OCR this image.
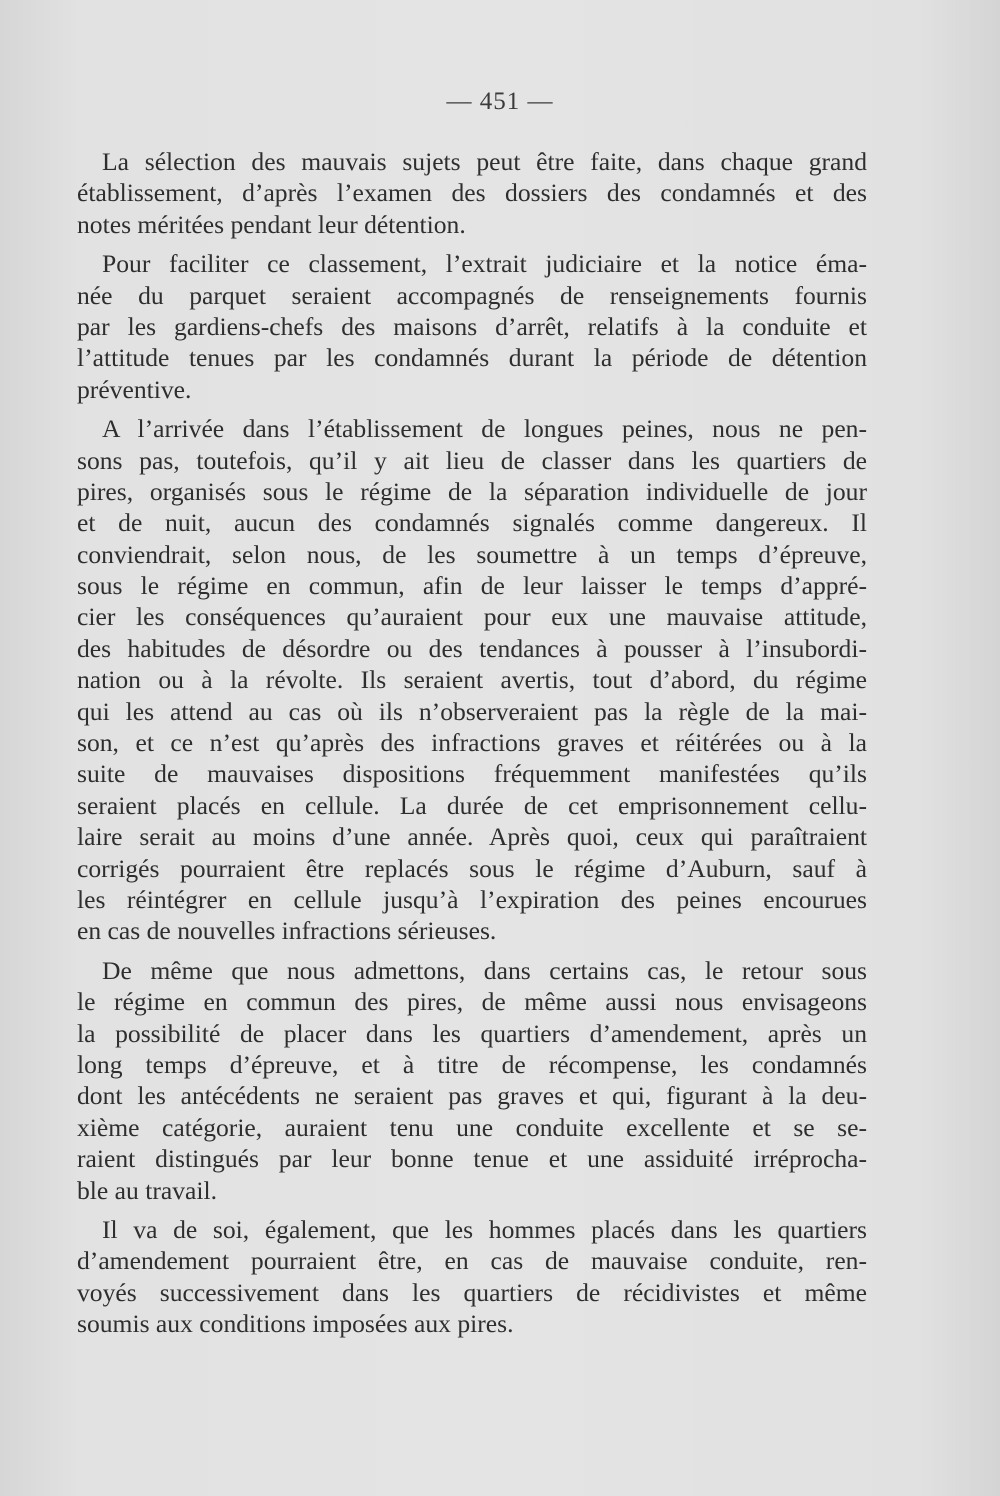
— 451 —
La sélection des mauvais sujets peut être faite, dans chaque grand
établissement, d’après l’examen des dossiers des condamnés et des
notes méritées pendant leur détention.
Pour faciliter ce classement, l’extrait judiciaire et la notice éma-
née du parquet seraient accompagnés de renseignements fournis
par les gardiens-chefs des maisons d’arrêt, relatifs à la conduite et
l’attitude tenues par les condamnés durant la période de détention
préventive.
A l’arrivée dans l’établissement de longues peines, nous ne pen-
sons pas, toutefois, qu’il y ait lieu de classer dans les quartiers de
pires, organisés sous le régime de la séparation individuelle de jour
et de nuit, aucun des condamnés signalés comme dangereux. Il
conviendrait, selon nous, de les soumettre à un temps d’épreuve,
sous le régime en commun, afin de leur laisser le temps d’appré-
cier les conséquences qu’auraient pour eux une mauvaise attitude,
des habitudes de désordre ou des tendances à pousser à l’insubordi-
nation ou à la révolte. Ils seraient avertis, tout d’abord, du régime
qui les attend au cas où ils n’observeraient pas la règle de la mai-
son, et ce n’est qu’après des infractions graves et réitérées ou à la
suite de mauvaises dispositions fréquemment manifestées qu’ils
seraient placés en cellule. La durée de cet emprisonnement cellu-
laire serait au moins d’une année. Après quoi, ceux qui paraîtraient
corrigés pourraient être replacés sous le régime d’Auburn, sauf à
les réintégrer en cellule jusqu’à l’expiration des peines encourues
en cas de nouvelles infractions sérieuses.
De même que nous admettons, dans certains cas, le retour sous
le régime en commun des pires, de même aussi nous envisageons
la possibilité de placer dans les quartiers d’amendement, après un
long temps d’épreuve, et à titre de récompense, les condamnés
dont les antécédents ne seraient pas graves et qui, figurant à la deu-
xième catégorie, auraient tenu une conduite excellente et se se-
raient distingués par leur bonne tenue et une assiduité irréprocha-
ble au travail.
Il va de soi, également, que les hommes placés dans les quartiers
d’amendement pourraient être, en cas de mauvaise conduite, ren-
voyés successivement dans les quartiers de récidivistes et même
soumis aux conditions imposées aux pires.
